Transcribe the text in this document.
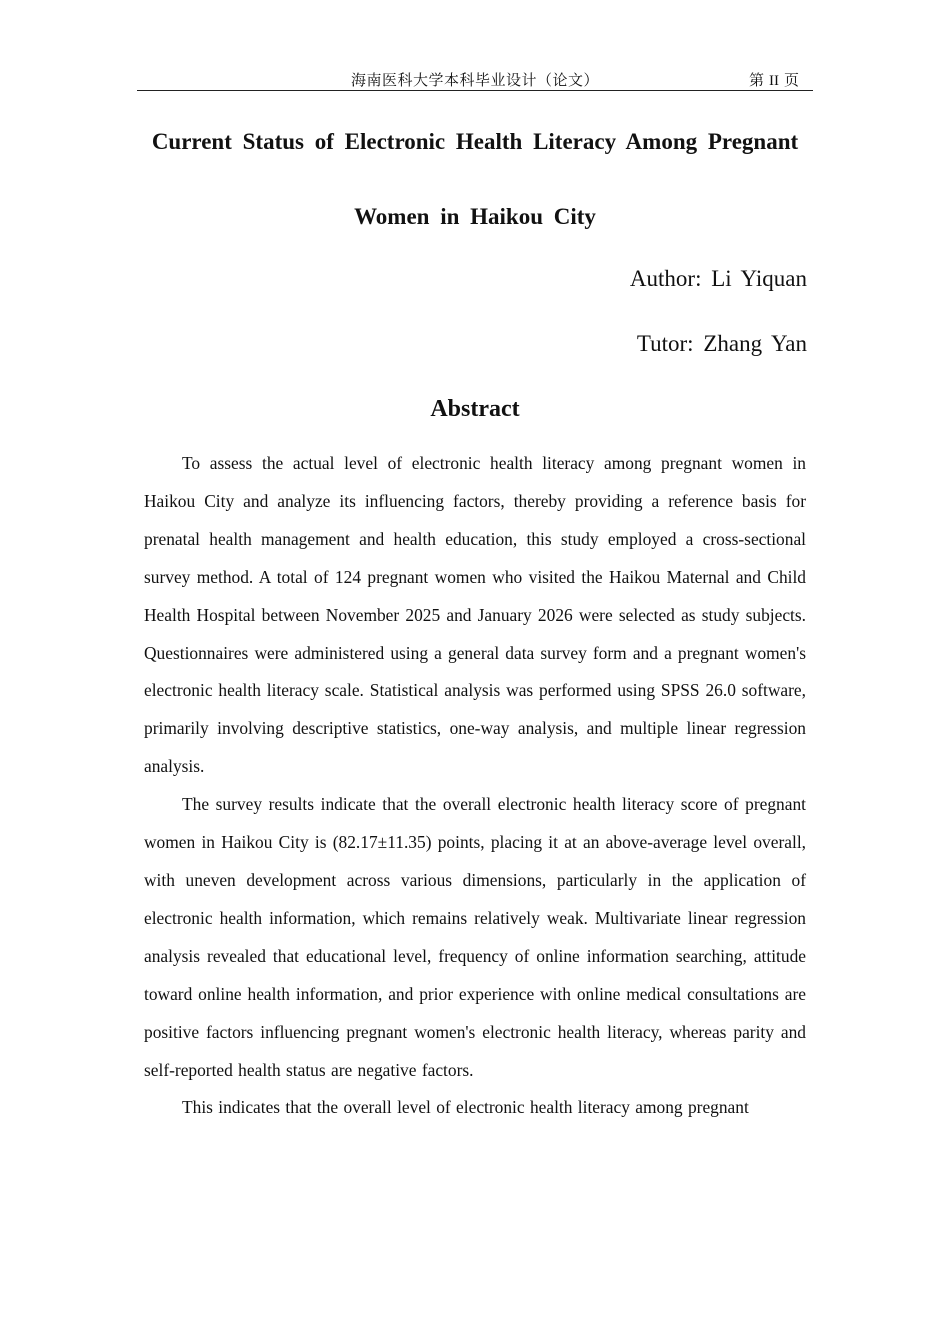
海南医科大学本科毕业设计（论文）	第 II 页
Current Status of Electronic Health Literacy Among Pregnant Women in Haikou City
Author: Li Yiquan
Tutor: Zhang Yan
Abstract

To assess the actual level of electronic health literacy among pregnant women in Haikou City and analyze its influencing factors, thereby providing a reference basis for prenatal health management and health education, this study employed a cross-sectional survey method. A total of 124 pregnant women who visited the Haikou Maternal and Child Health Hospital between November 2025 and January 2026 were selected as study subjects. Questionnaires were administered using a general data survey form and a pregnant women's electronic health literacy scale. Statistical analysis was performed using SPSS 26.0 software, primarily involving descriptive statistics, one-way analysis, and multiple linear regression analysis.

The survey results indicate that the overall electronic health literacy score of pregnant women in Haikou City is (82.17±11.35) points, placing it at an above-average level overall, with uneven development across various dimensions, particularly in the application of electronic health information, which remains relatively weak. Multivariate linear regression analysis revealed that educational level, frequency of online information searching, attitude toward online health information, and prior experience with online medical consultations are positive factors influencing pregnant women's electronic health literacy, whereas parity and self-reported health status are negative factors.

This indicates that the overall level of electronic health literacy among pregnant
